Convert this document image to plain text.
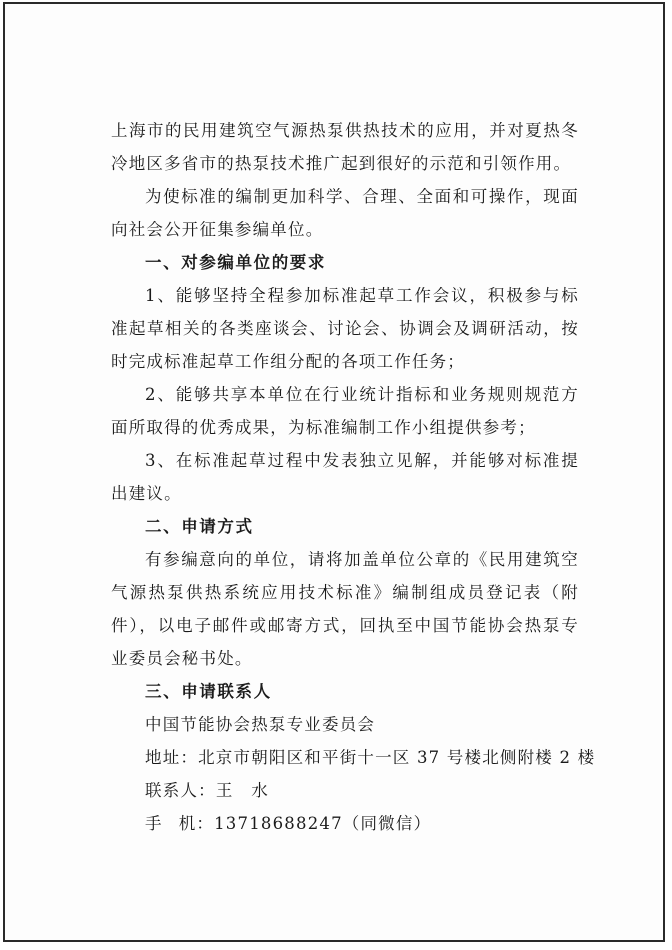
上海市的民用建筑空气源热泵供热技术的应用，并对夏热冬冷地区多省市的热泵技术推广起到很好的示范和引领作用。

为使标准的编制更加科学、合理、全面和可操作，现面向社会公开征集参编单位。

一、对参编单位的要求

1、能够坚持全程参加标准起草工作会议，积极参与标准起草相关的各类座谈会、讨论会、协调会及调研活动，按时完成标准起草工作组分配的各项工作任务；

2、能够共享本单位在行业统计指标和业务规则规范方面所取得的优秀成果，为标准编制工作小组提供参考；

3、在标准起草过程中发表独立见解，并能够对标准提出建议。

二、申请方式

有参编意向的单位，请将加盖单位公章的《民用建筑空气源热泵供热系统应用技术标准》编制组成员登记表（附件），以电子邮件或邮寄方式，回执至中国节能协会热泵专业委员会秘书处。

三、申请联系人

中国节能协会热泵专业委员会

地址：北京市朝阳区和平街十一区 37 号楼北侧附楼 2 楼

联系人：王　水

手 机：13718688247（同微信）
